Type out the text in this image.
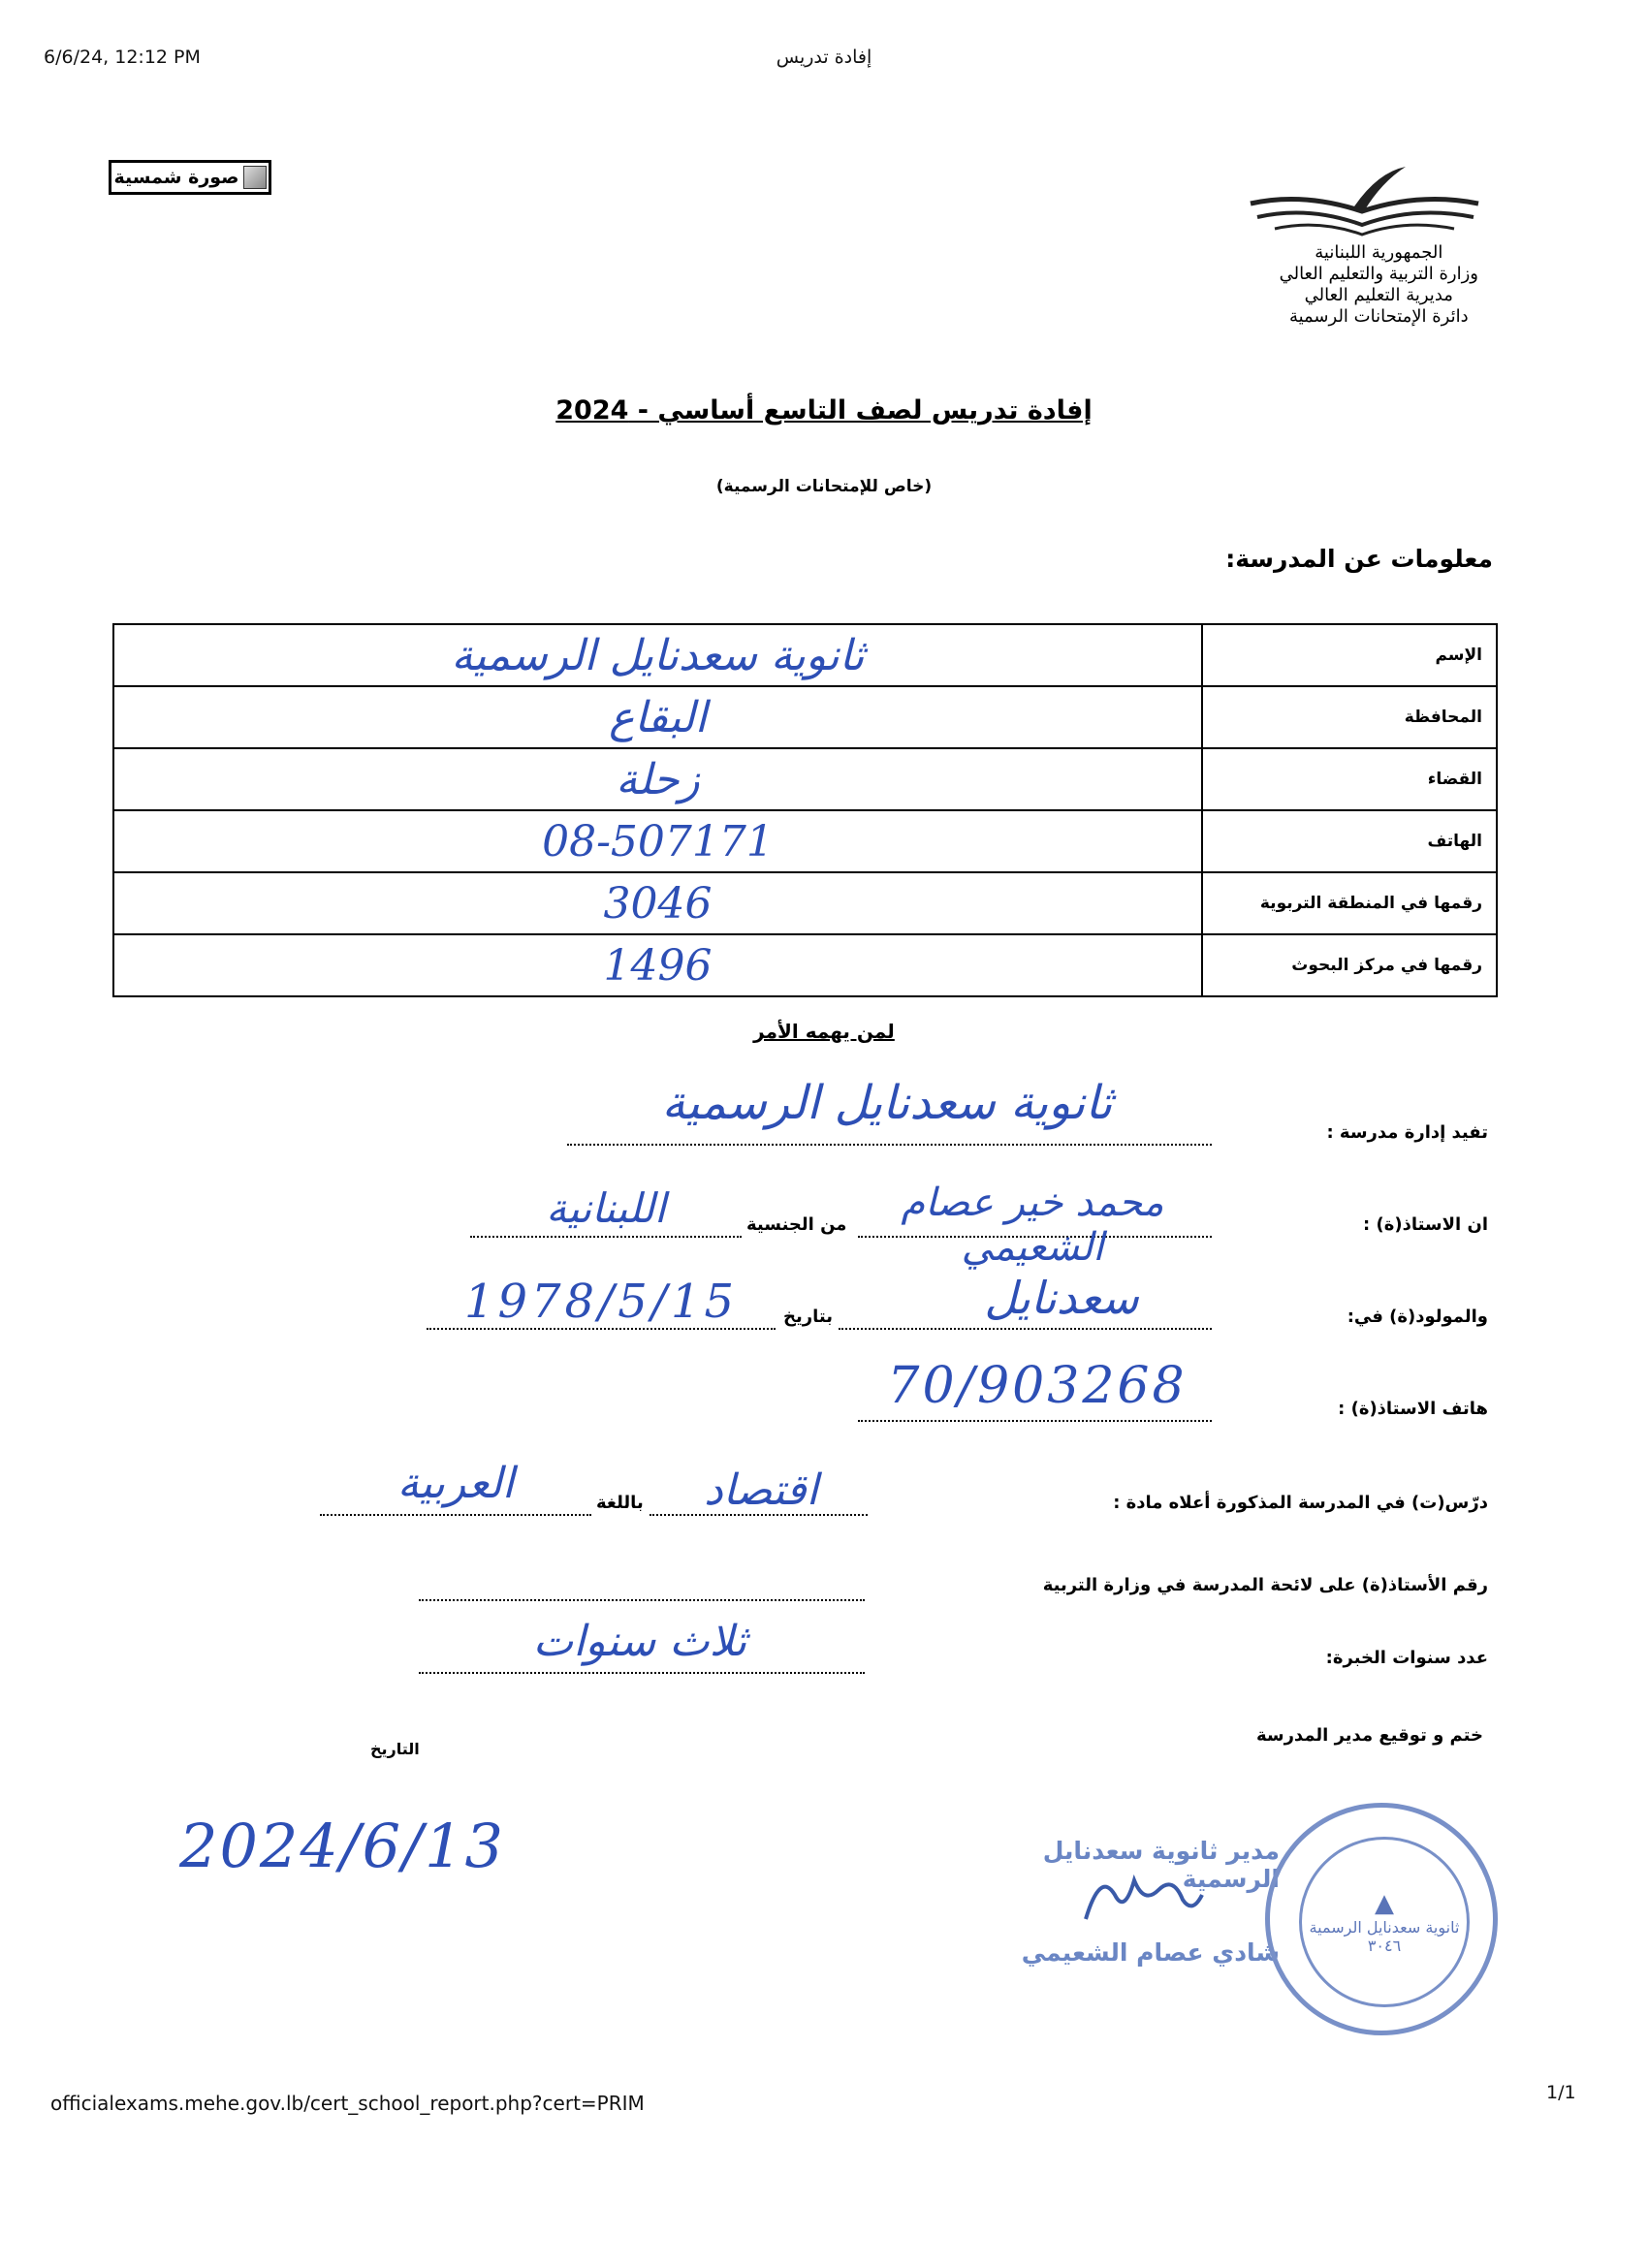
6/6/24, 12:12 PM	إفادة تدريس
صورة شمسية
الجمهورية اللبنانية
وزارة التربية والتعليم العالي
مديرية التعليم العالي
دائرة الإمتحانات الرسمية
إفادة تدريس لصف التاسع أساسي - 2024
(خاص للإمتحانات الرسمية)
معلومات عن المدرسة:
ثانوية سعدنايل الرسمية	الإسم

البقاع	المحافظة

زحلة	القضاء

08-507171	الهاتف

3046	رقمها في المنطقة التربوية

1496	رقمها في مركز البحوث
لمن يهمه الأمر
تفيد إدارة مدرسة :
ثانوية سعدنايل الرسمية
ان الاستاذ(ة) :
محمد خير عصام الشعيمي
من الجنسية
اللبنانية
والمولود(ة) في:
سعدنايل
بتاريخ
1978/5/15
هاتف الاستاذ(ة) :
70/903268
درّس(ت) في المدرسة المذكورة أعلاه مادة :
اقتصاد
باللغة
العربية
رقم الأستاذ(ة) على لائحة المدرسة في وزارة التربية
عدد سنوات الخبرة:
ثلاث سنوات
ختم و توقيع مدير المدرسة
التاريخ
2024/6/13	مدير ثانوية سعدنايل الرسمية
شادي عصام الشعيمي
▲
ثانوية سعدنايل الرسمية
٣٠٤٦
officialexams.mehe.gov.lb/cert_school_report.php?cert=PRIM	1/1
